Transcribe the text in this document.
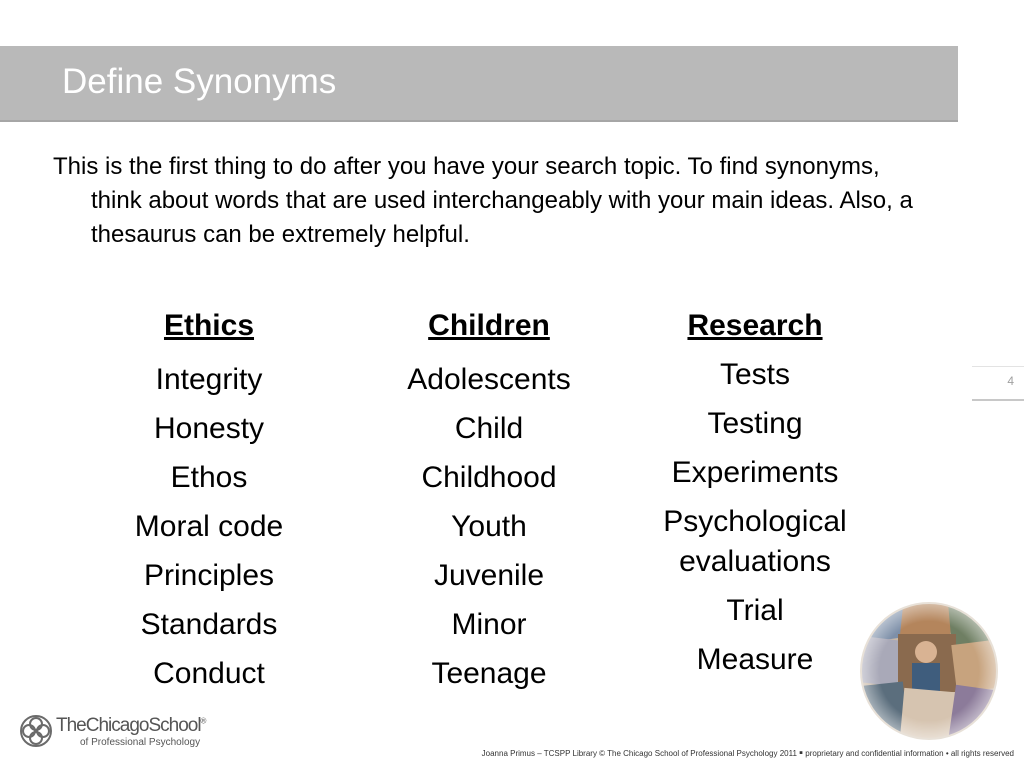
Define Synonyms

This is the first thing to do after you have your search topic. To find synonyms, think about words that are used interchangeably with your main ideas. Also, a thesaurus can be extremely helpful.

Ethics
Integrity
Honesty
Ethos
Moral code
Principles
Standards
Conduct
Children
Adolescents
Child
Childhood
Youth
Juvenile
Minor
Teenage
Research
Tests
Testing
Experiments
Psychological evaluations
Trial
Measure
4
TheChicagoSchool®
of Professional Psychology
Joanna Primus – TCSPP Library © The Chicago School of Professional Psychology 2011 ▪ proprietary and confidential information • all rights reserved
